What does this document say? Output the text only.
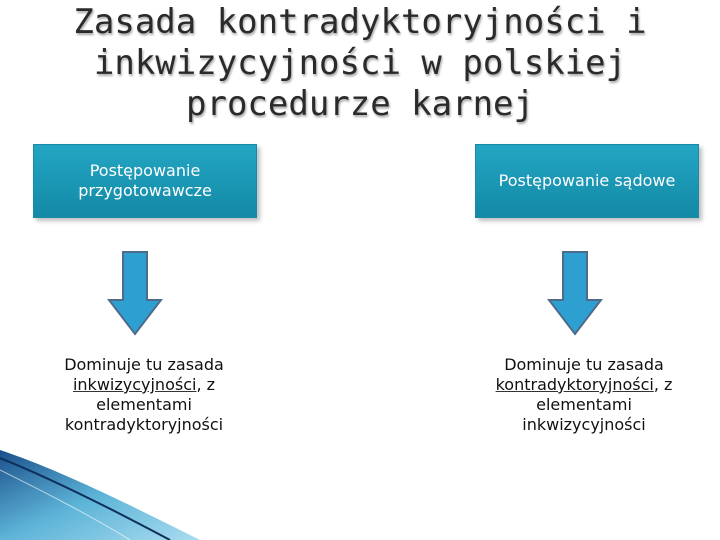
Zasada kontradyktoryjności i inkwizycyjności w polskiej procedurze karnej
Postępowanie przygotowawcze
Postępowanie sądowe
Dominuje tu zasada
inkwizycyjności, z
elementami
kontradyktoryjności
Dominuje tu zasada
kontradyktoryjności, z
elementami
inkwizycyjności
